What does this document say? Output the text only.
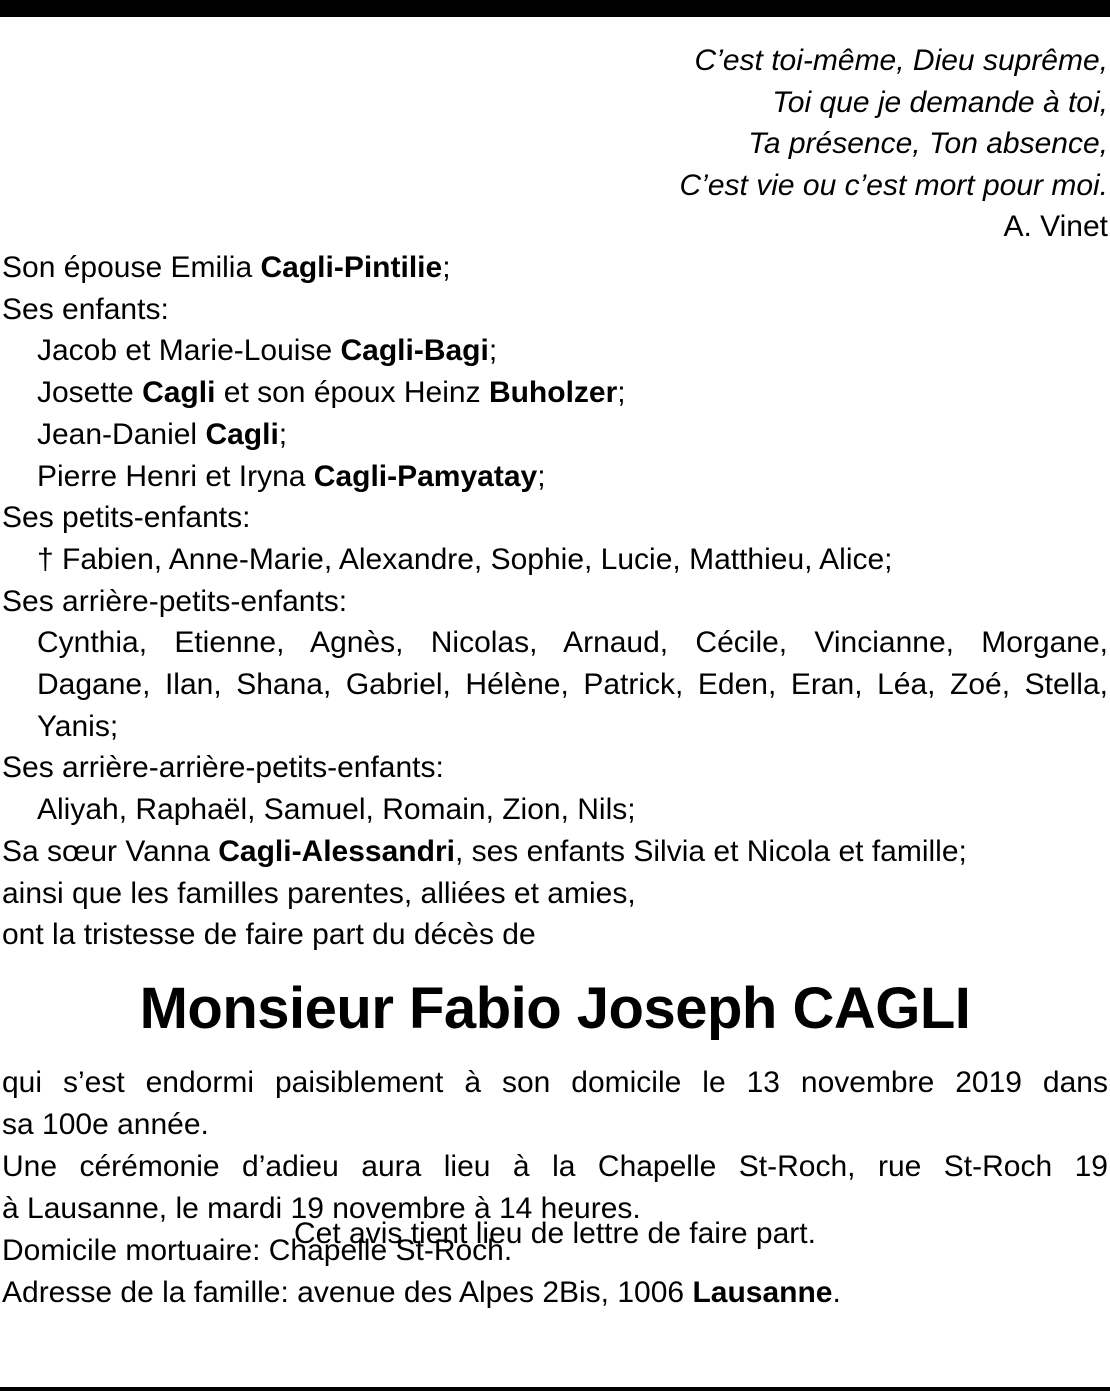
C’est toi-même, Dieu suprême,
Toi que je demande à toi,
Ta présence, Ton absence,
C’est vie ou c’est mort pour moi.
A. Vinet
Son épouse Emilia Cagli-Pintilie;
Ses enfants:
Jacob et Marie-Louise Cagli-Bagi;
Josette Cagli et son époux Heinz Buholzer;
Jean-Daniel Cagli;
Pierre Henri et Iryna Cagli-Pamyatay;
Ses petits-enfants:
† Fabien, Anne-Marie, Alexandre, Sophie, Lucie, Matthieu, Alice;
Ses arrière-petits-enfants:
Cynthia, Etienne, Agnès, Nicolas, Arnaud, Cécile, Vincianne, Morgane,
Dagane, Ilan, Shana, Gabriel, Hélène, Patrick, Eden, Eran, Léa, Zoé, Stella,
Yanis;
Ses arrière-arrière-petits-enfants:
Aliyah, Raphaël, Samuel, Romain, Zion, Nils;
Sa sœur Vanna Cagli-Alessandri, ses enfants Silvia et Nicola et famille;
ainsi que les familles parentes, alliées et amies,
ont la tristesse de faire part du décès de
Monsieur Fabio Joseph CAGLI
qui s’est endormi paisiblement à son domicile le 13 novembre 2019 dans
sa 100e année.
Une cérémonie d’adieu aura lieu à la Chapelle St-Roch, rue St-Roch 19
à Lausanne, le mardi 19 novembre à 14 heures.
Domicile mortuaire: Chapelle St-Roch.
Adresse de la famille: avenue des Alpes 2Bis, 1006 Lausanne.
Cet avis tient lieu de lettre de faire part.
